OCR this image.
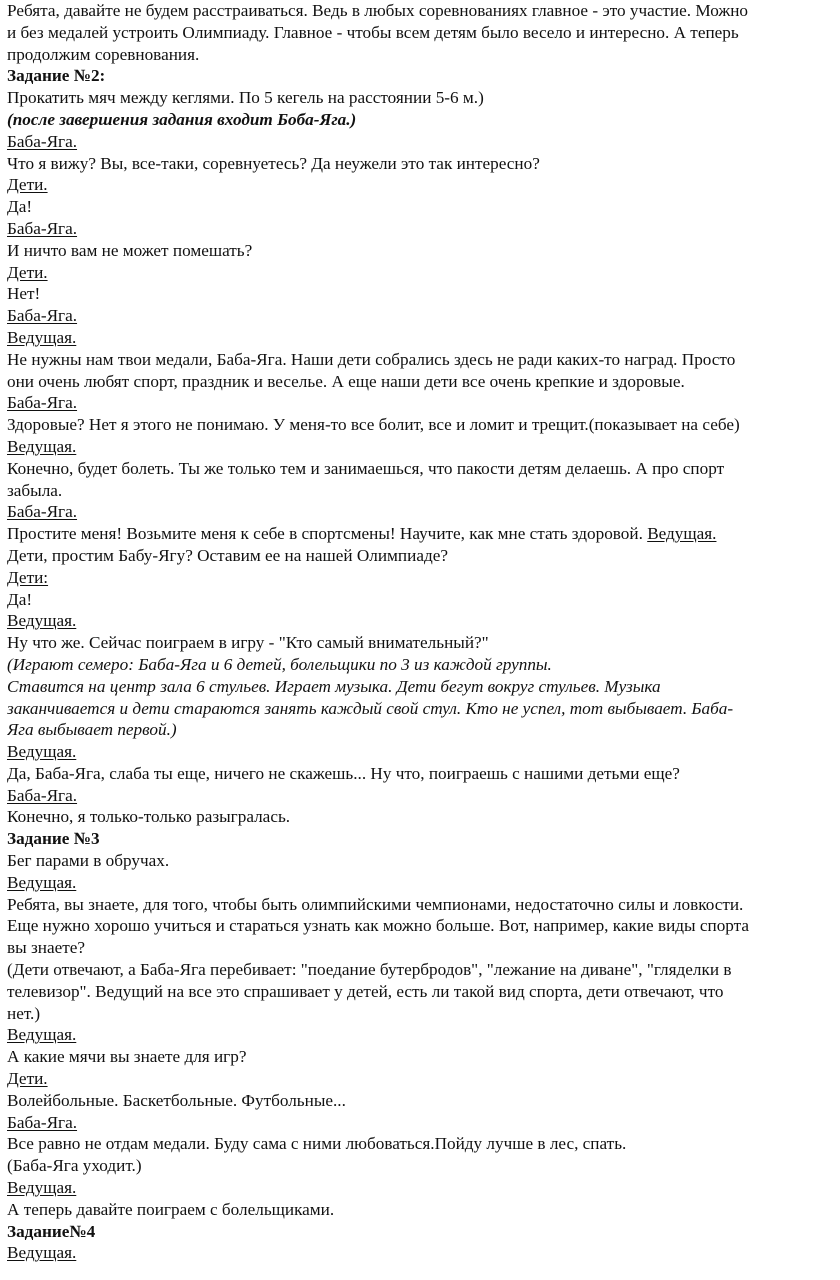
Ребята, давайте не будем расстраиваться. Ведь в любых соревнованиях главное - это участие. Можно
и без медалей устроить Олимпиаду. Главное - чтобы всем детям было весело и интересно. А теперь
продолжим соревнования.
Задание №2:
Прокатить мяч между кеглями. По 5 кегель на расстоянии 5-6 м.)
(после завершения задания входит Боба-Яга.)
Баба-Яга.
Что я вижу? Вы, все-таки, соревнуетесь? Да неужели это так интересно?
Дети.
Да!
Баба-Яга.
И ничто вам не может помешать?
Дети.
Нет!
Баба-Яга.
Ведущая.
Не нужны нам твои медали, Баба-Яга. Наши дети собрались здесь не ради каких-то наград. Просто
они очень любят спорт, праздник и веселье. А еще наши дети все очень крепкие и здоровые.
Баба-Яга.
Здоровые? Нет я этого не понимаю. У меня-то все болит, все и ломит и трещит.(показывает на себе)
Ведущая.
Конечно, будет болеть. Ты же только тем и занимаешься, что пакости детям делаешь. А про спорт
забыла.
Баба-Яга.
Простите меня! Возьмите меня к себе в спортсмены! Научите, как мне стать здоровой. Ведущая.
Дети, простим Бабу-Ягу? Оставим ее на нашей Олимпиаде?
Дети:
Да!
Ведущая.
Ну что же. Сейчас поиграем в игру - "Кто самый внимательный?"
(Играют семеро: Баба-Яга и 6 детей, болельщики по 3 из каждой группы.
Ставится на центр зала 6 стульев. Играет музыка. Дети бегут вокруг стульев. Музыка
заканчивается и дети стараются занять каждый свой стул. Кто не успел, тот выбывает. Баба-
Яга выбывает первой.)
Ведущая.
Да, Баба-Яга, слаба ты еще, ничего не скажешь... Ну что, поиграешь с нашими детьми еще?
Баба-Яга.
Конечно, я только-только разыгралась.
Задание №3
Бег парами в обручах.
Ведущая.
Ребята, вы знаете, для того, чтобы быть олимпийскими чемпионами, недостаточно силы и ловкости.
Еще нужно хорошо учиться и стараться узнать как можно больше. Вот, например, какие виды спорта
вы знаете?
(Дети отвечают, а Баба-Яга перебивает: "поедание бутербродов", "лежание на диване", "гляделки в
телевизор". Ведущий на все это спрашивает у детей, есть ли такой вид спорта, дети отвечают, что
нет.)
Ведущая.
А какие мячи вы знаете для игр?
Дети.
Волейбольные. Баскетбольные. Футбольные...
Баба-Яга.
Все равно не отдам медали. Буду сама с ними любоваться.Пойду лучше в лес, спать.
(Баба-Яга уходит.)
Ведущая.
А теперь давайте поиграем с болельщиками.
Задание№4
Ведущая.
